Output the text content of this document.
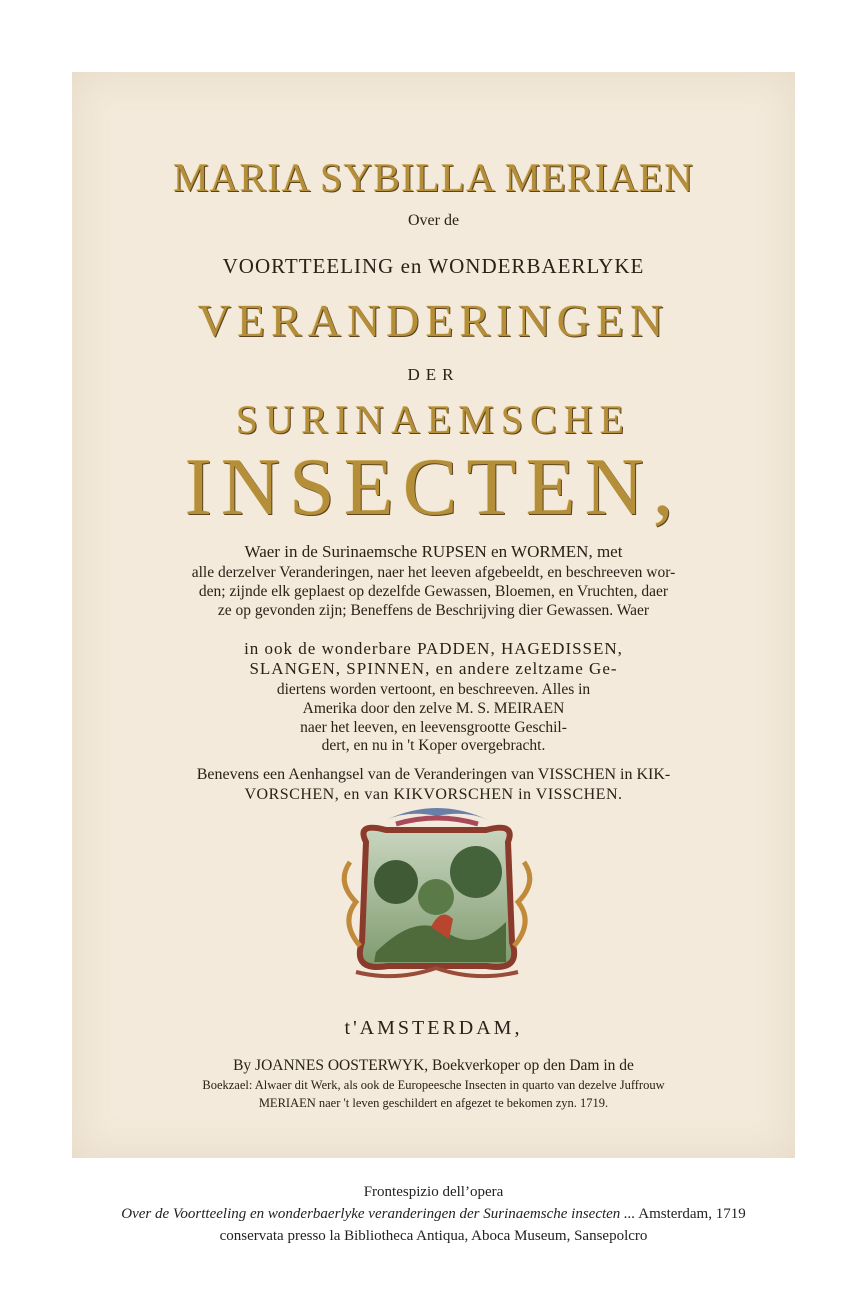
MARIA SYBILLA MERIAEN
Over de
VOORTTEELING en WONDERBAERLYKE
VERANDERINGEN
DER
SURINAEMSCHE
INSECTEN,
Waer in de Surinaemsche RUPSEN en WORMEN, met
alle derzelver Veranderingen, naer het leeven afgebeeldt, en beschreeven wor-
den; zijnde elk geplaest op dezelfde Gewassen, Bloemen, en Vruchten, daer
ze op gevonden zijn; Beneffens de Beschrijving dier Gewassen. Waer
in ook de wonderbare PADDEN, HAGEDISSEN,
SLANGEN, SPINNEN, en andere zeltzame Ge-
diertens worden vertoont, en beschreeven. Alles in
Amerika door den zelve M. S. MEIRAEN
naer het leeven, en leevensgrootte Geschil-
dert, en nu in 't Koper overgebracht.
Benevens een Aenhangsel van de Veranderingen van VISSCHEN in KIK-
VORSCHEN, en van KIKVORSCHEN in VISSCHEN.
t'AMSTERDAM,
By JOANNES OOSTERWYK, Boekverkoper op den Dam in de
Boekzael: Alwaer dit Werk, als ook de Europeesche Insecten in quarto van dezelve Juffrouw
MERIAEN naer 't leven geschildert en afgezet te bekomen zyn. 1719.
Frontespizio dell’opera
Over de Voortteeling en wonderbaerlyke veranderingen der Surinaemsche insecten ... Amsterdam, 1719
conservata presso la Bibliotheca Antiqua, Aboca Museum, Sansepolcro
